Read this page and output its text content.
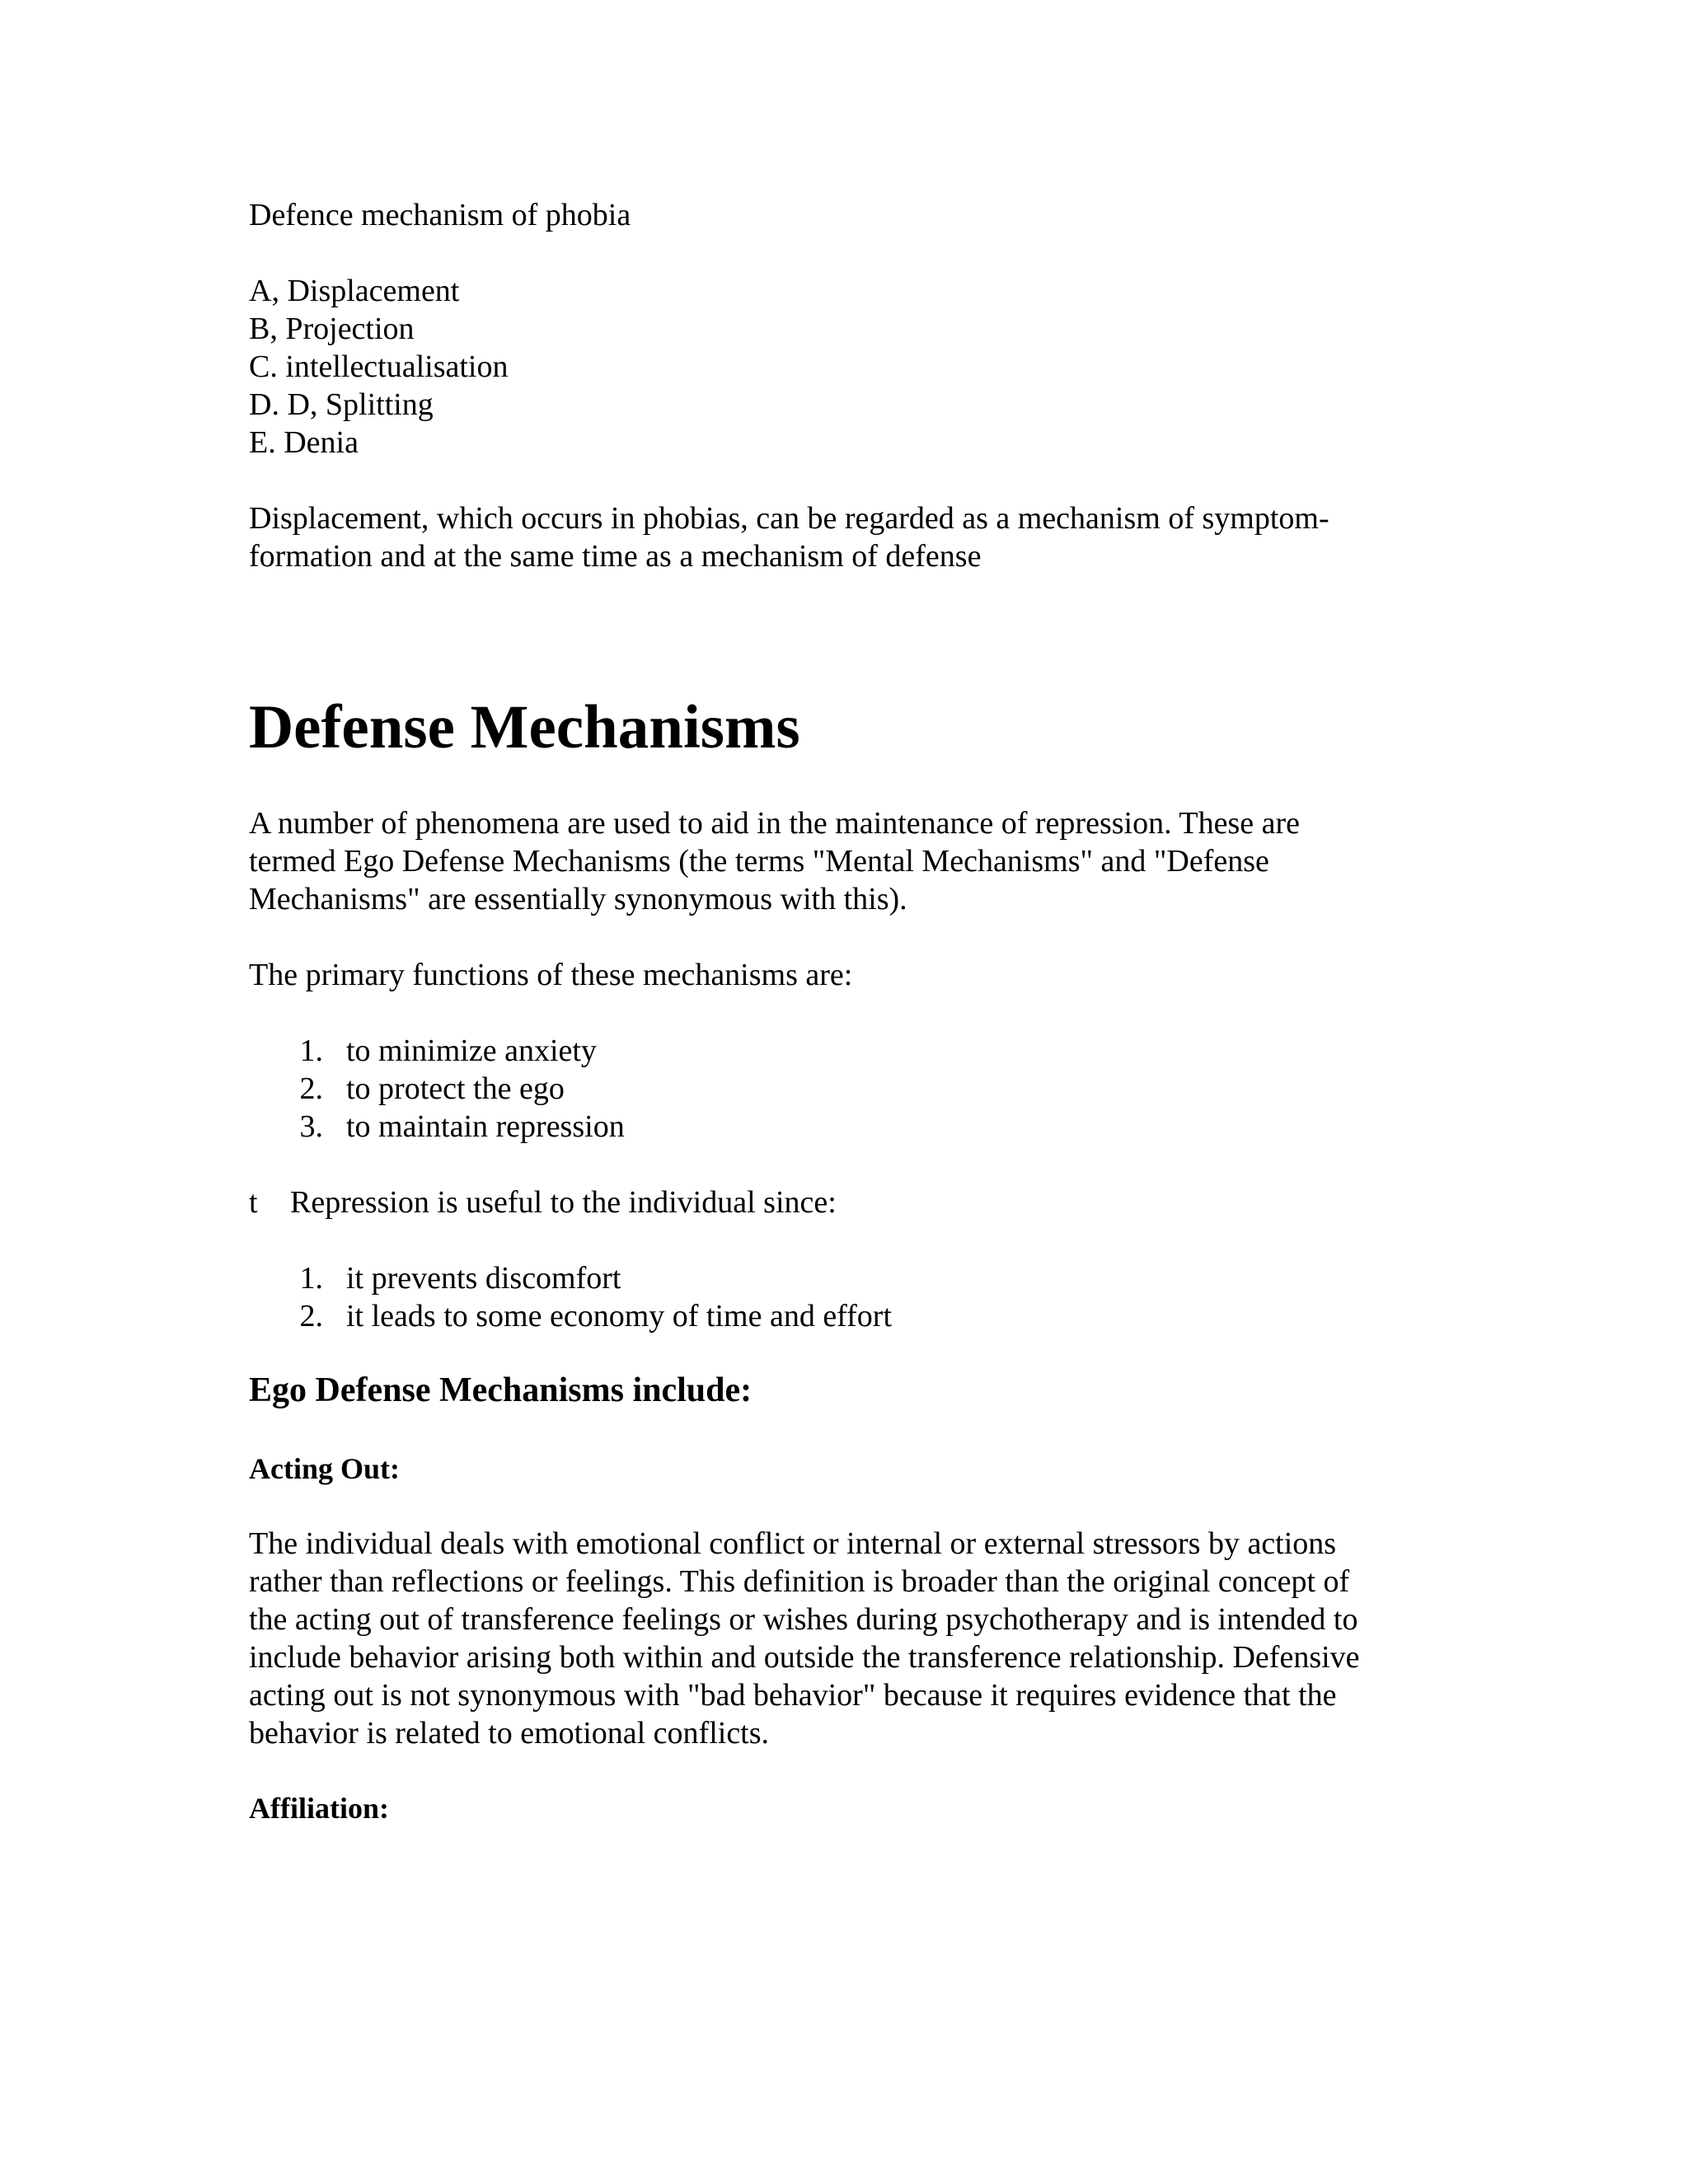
Defence mechanism of phobia

A, Displacement

B, Projection

C. intellectualisation

D. D, Splitting

E. Denia

Displacement, which occurs in phobias, can be regarded as a mechanism of symptom-

formation and at the same time as a mechanism of defense

Defense Mechanisms

A number of phenomena are used to aid in the maintenance of repression. These are

termed Ego Defense Mechanisms (the terms "Mental Mechanisms" and "Defense

Mechanisms" are essentially synonymous with this).

The primary functions of these mechanisms are:

1. to minimize anxiety
2. to protect the ego
3. to maintain repression
t Repression is useful to the individual since:
1. it prevents discomfort
2. it leads to some economy of time and effort
Ego Defense Mechanisms include:
Acting Out:

The individual deals with emotional conflict or internal or external stressors by actions

rather than reflections or feelings. This definition is broader than the original concept of

the acting out of transference feelings or wishes during psychotherapy and is intended to

include behavior arising both within and outside the transference relationship. Defensive

acting out is not synonymous with "bad behavior" because it requires evidence that the

behavior is related to emotional conflicts.

Affiliation:
